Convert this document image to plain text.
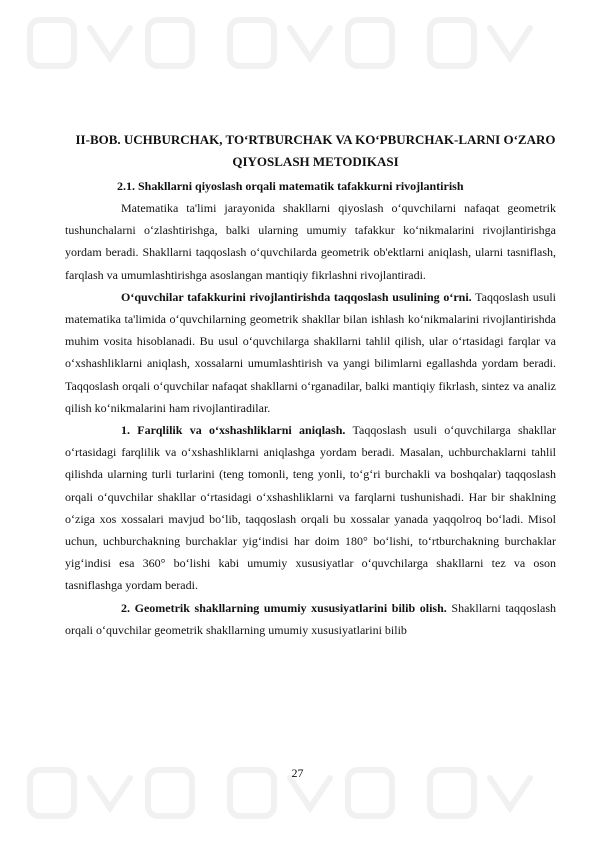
II-BOB. UCHBURCHAK, TO‘RTBURCHAK VA KO‘PBURCHAK-LARNI O‘ZARO QIYOSLASH METODIKASI

2.1. Shakllarni qiyoslash orqali matematik tafakkurni rivojlantirish

Matematika ta'limi jarayonida shakllarni qiyoslash o‘quvchilarni nafaqat geometrik tushunchalarni o‘zlashtirishga, balki ularning umumiy tafakkur ko‘nikmalarini rivojlantirishga yordam beradi. Shakllarni taqqoslash o‘quvchilarda geometrik ob'ektlarni aniqlash, ularni tasniflash, farqlash va umumlashtirishga asoslangan mantiqiy fikrlashni rivojlantiradi.

O‘quvchilar tafakkurini rivojlantirishda taqqoslash usulining o‘rni. Taqqoslash usuli matematika ta'limida o‘quvchilarning geometrik shakllar bilan ishlash ko‘nikmalarini rivojlantirishda muhim vosita hisoblanadi. Bu usul o‘quvchilarga shakllarni tahlil qilish, ular o‘rtasidagi farqlar va o‘xshashliklarni aniqlash, xossalarni umumlashtirish va yangi bilimlarni egallashda yordam beradi. Taqqoslash orqali o‘quvchilar nafaqat shakllarni o‘rganadilar, balki mantiqiy fikrlash, sintez va analiz qilish ko‘nikmalarini ham rivojlantiradilar.

1. Farqlilik va o‘xshashliklarni aniqlash. Taqqoslash usuli o‘quvchilarga shakllar o‘rtasidagi farqlilik va o‘xshashliklarni aniqlashga yordam beradi. Masalan, uchburchaklarni tahlil qilishda ularning turli turlarini (teng tomonli, teng yonli, to‘g‘ri burchakli va boshqalar) taqqoslash orqali o‘quvchilar shakllar o‘rtasidagi o‘xshashliklarni va farqlarni tushunishadi. Har bir shaklning o‘ziga xos xossalari mavjud bo‘lib, taqqoslash orqali bu xossalar yanada yaqqolroq bo‘ladi. Misol uchun, uchburchakning burchaklar yig‘indisi har doim 180° bo‘lishi, to‘rtburchakning burchaklar yig‘indisi esa 360° bo‘lishi kabi umumiy xususiyatlar o‘quvchilarga shakllarni tez va oson tasniflashga yordam beradi.

2. Geometrik shakllarning umumiy xususiyatlarini bilib olish. Shakllarni taqqoslash orqali o‘quvchilar geometrik shakllarning umumiy xususiyatlarini bilib

27
